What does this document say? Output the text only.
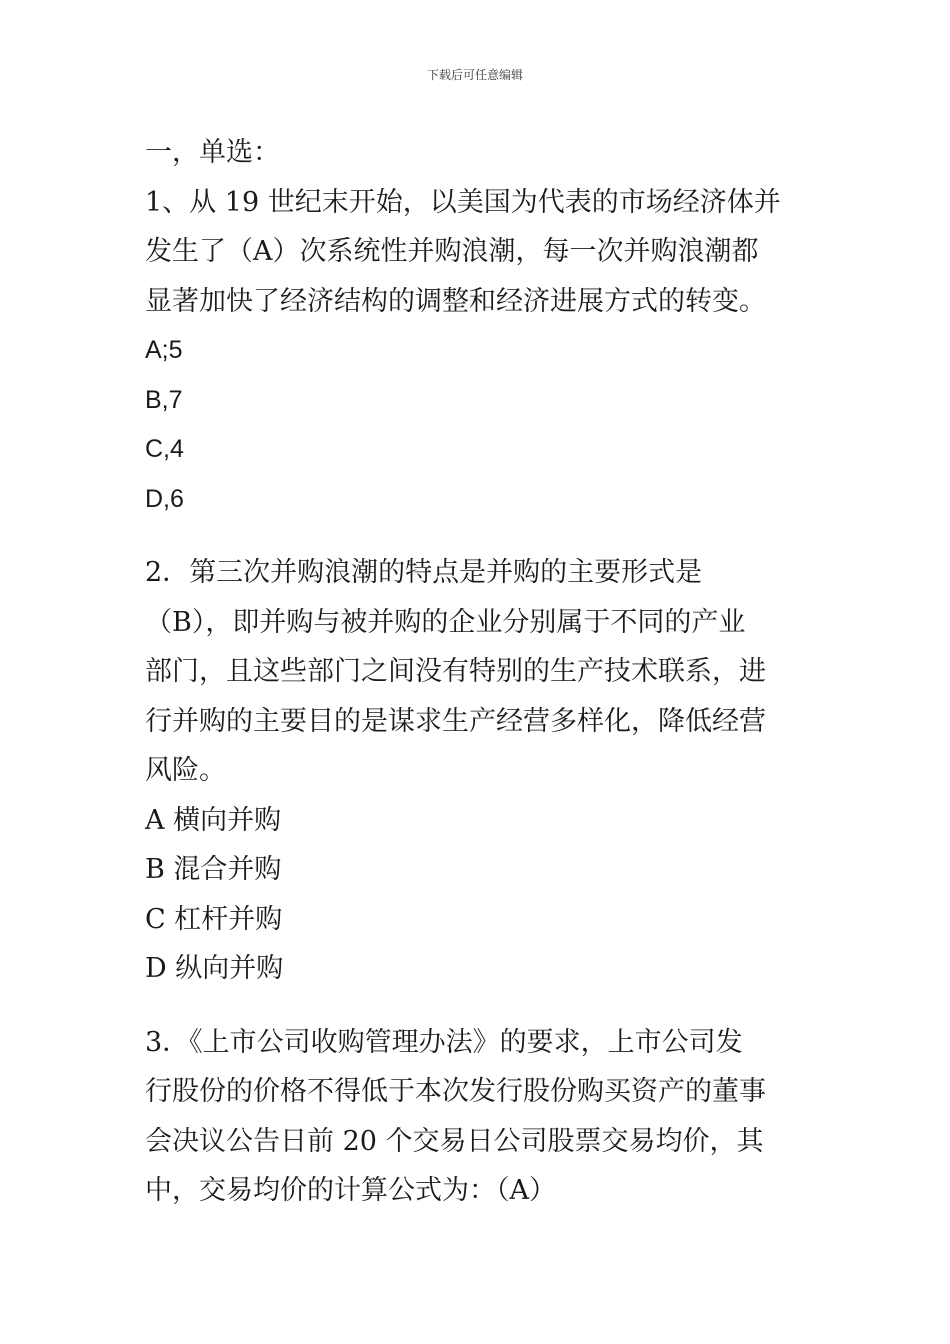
下载后可任意编辑
一，单选：
1、从 19 世纪末开始，以美国为代表的市场经济体并
发生了（A）次系统性并购浪潮，每一次并购浪潮都
显著加快了经济结构的调整和经济进展方式的转变。
A;5
B,7
C,4
D,6
2．第三次并购浪潮的特点是并购的主要形式是
（B），即并购与被并购的企业分别属于不同的产业
部门，且这些部门之间没有特别的生产技术联系，进
行并购的主要目的是谋求生产经营多样化，降低经营
风险。
A 横向并购
B 混合并购
C 杠杆并购
D 纵向并购
3．《上市公司收购管理办法》的要求，上市公司发
行股份的价格不得低于本次发行股份购买资产的董事
会决议公告日前 20 个交易日公司股票交易均价，其
中，交易均价的计算公式为：（A）
